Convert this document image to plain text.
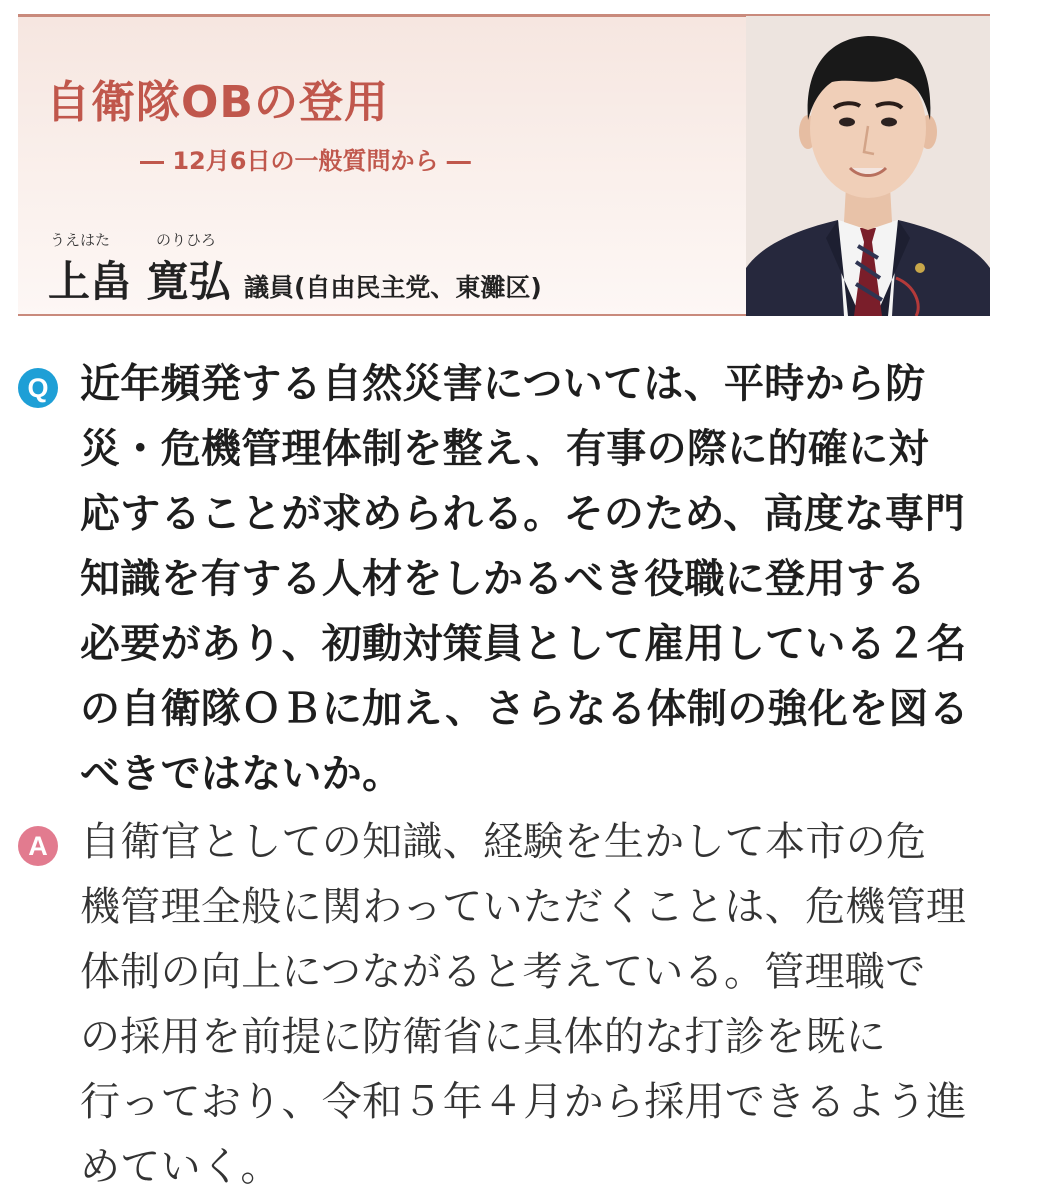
自衛隊OBの登用
― 12月6日の一般質問から ―
うえはた	のりひろ
上畠 寛弘 議員(自由民主党、東灘区)
Q 近年頻発する自然災害については、平時から防
災・危機管理体制を整え、有事の際に的確に対
応することが求められる。そのため、高度な専門
知識を有する人材をしかるべき役職に登用する
必要があり、初動対策員として雇用している２名
の自衛隊ＯＢに加え、さらなる体制の強化を図る
べきではないか。
A 自衛官としての知識、経験を生かして本市の危
機管理全般に関わっていただくことは、危機管理
体制の向上につながると考えている。管理職で
の採用を前提に防衛省に具体的な打診を既に
行っており、令和５年４月から採用できるよう進
めていく。
